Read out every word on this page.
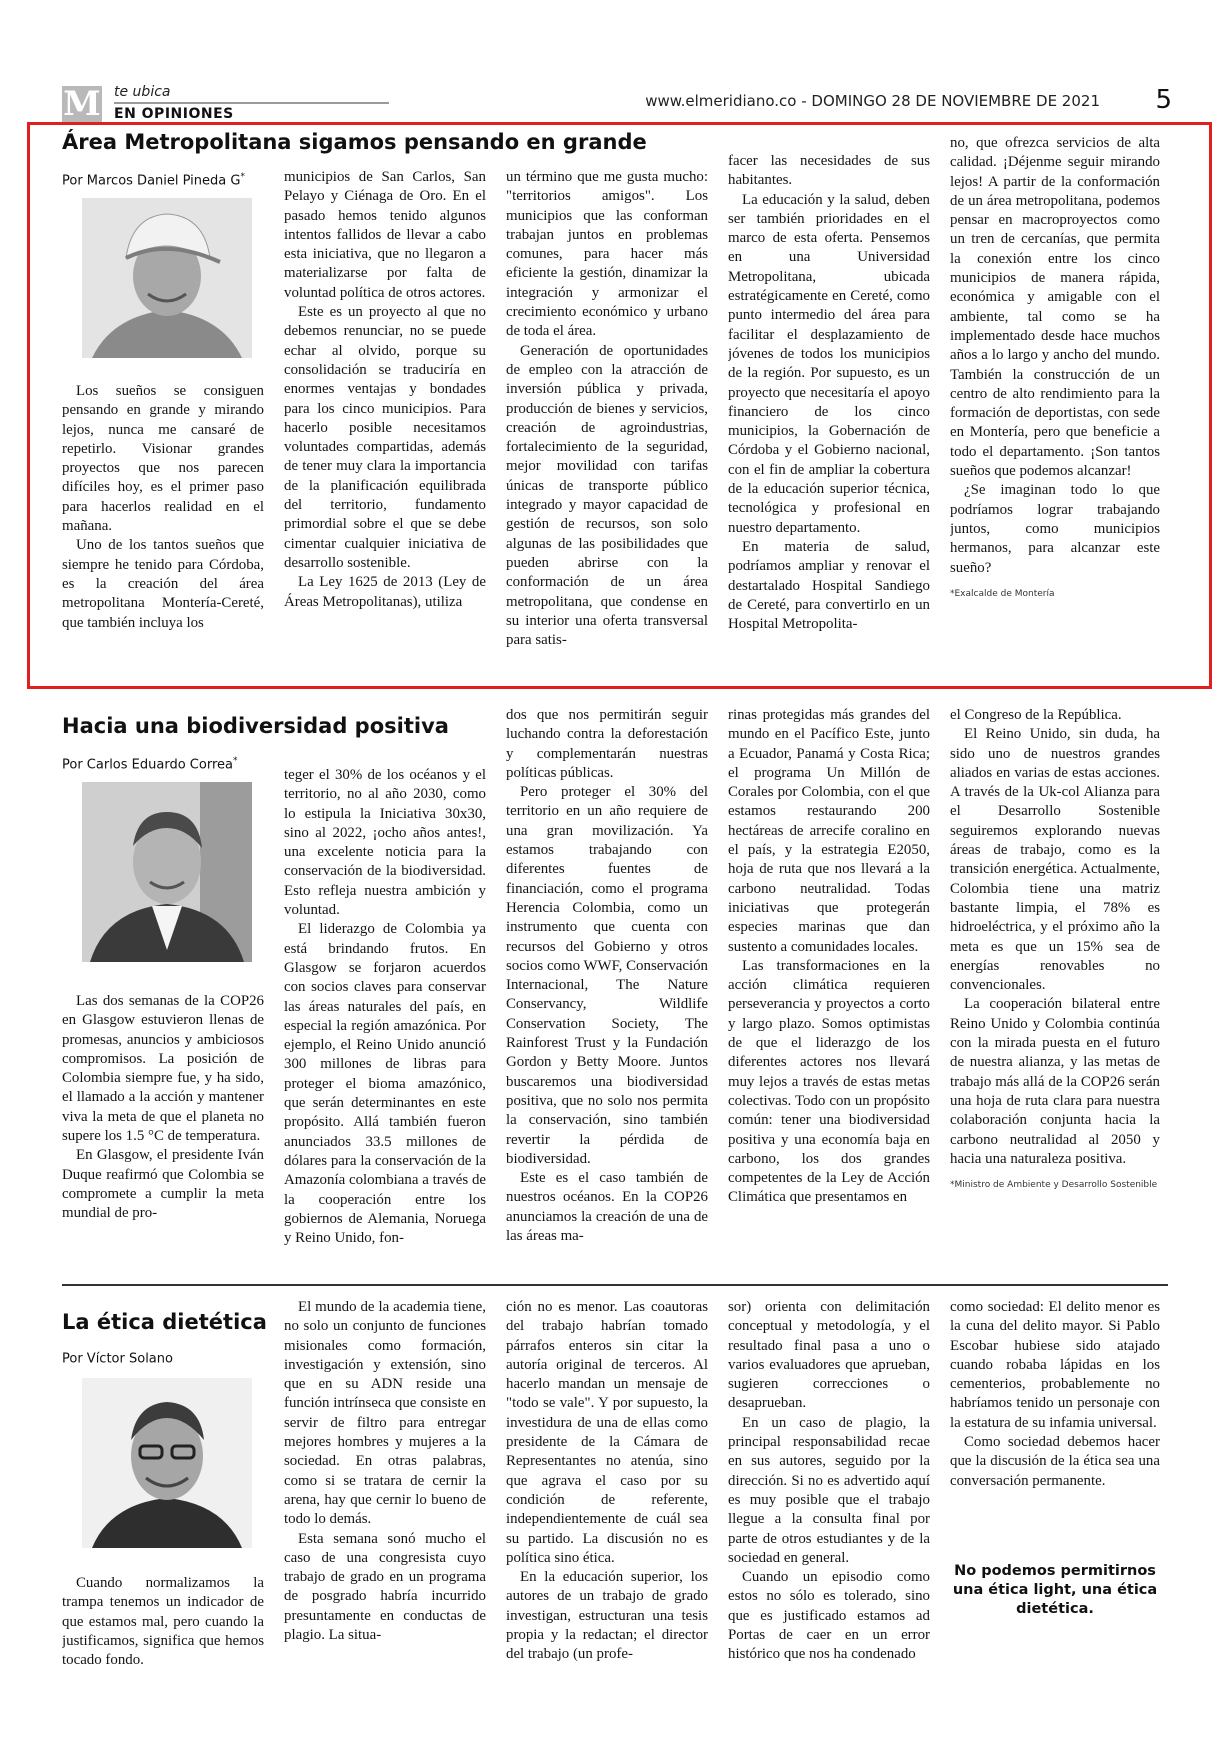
M te ubica
EN OPINIONES
www.elmeridiano.co - DOMINGO 28 DE NOVIEMBRE DE 2021 5
Área Metropolitana sigamos pensando en grande
Por Marcos Daniel Pineda G*

Los sueños se consiguen pensando en grande y mirando lejos, nunca me cansaré de repetirlo. Visionar grandes proyectos que nos parecen difíciles hoy, es el primer paso para hacerlos realidad en el mañana.

Uno de los tantos sueños que siempre he tenido para Córdoba, es la creación del área metropolitana Montería-Cereté, que también incluya los

municipios de San Carlos, San Pelayo y Ciénaga de Oro. En el pasado hemos tenido algunos intentos fallidos de llevar a cabo esta iniciativa, que no llegaron a materializarse por falta de voluntad política de otros actores.

Este es un proyecto al que no debemos renunciar, no se puede echar al olvido, porque su consolidación se traduciría en enormes ventajas y bondades para los cinco municipios. Para hacerlo posible necesitamos voluntades compartidas, además de tener muy clara la importancia de la planificación equilibrada del territorio, fundamento primordial sobre el que se debe cimentar cualquier iniciativa de desarrollo sostenible.

La Ley 1625 de 2013 (Ley de Áreas Metropolitanas), utiliza

un término que me gusta mucho: "territorios amigos". Los municipios que las conforman trabajan juntos en problemas comunes, para hacer más eficiente la gestión, dinamizar la integración y armonizar el crecimiento económico y urbano de toda el área.

Generación de oportunidades de empleo con la atracción de inversión pública y privada, producción de bienes y servicios, creación de agroindustrias, fortalecimiento de la seguridad, mejor movilidad con tarifas únicas de transporte público integrado y mayor capacidad de gestión de recursos, son solo algunas de las posibilidades que pueden abrirse con la conformación de un área metropolitana, que condense en su interior una oferta transversal para satis-

facer las necesidades de sus habitantes.

La educación y la salud, deben ser también prioridades en el marco de esta oferta. Pensemos en una Universidad Metropolitana, ubicada estratégicamente en Cereté, como punto intermedio del área para facilitar el desplazamiento de jóvenes de todos los municipios de la región. Por supuesto, es un proyecto que necesitaría el apoyo financiero de los cinco municipios, la Gobernación de Córdoba y el Gobierno nacional, con el fin de ampliar la cobertura de la educación superior técnica, tecnológica y profesional en nuestro departamento.

En materia de salud, podríamos ampliar y renovar el destartalado Hospital Sandiego de Cereté, para convertirlo en un Hospital Metropolita-

no, que ofrezca servicios de alta calidad. ¡Déjenme seguir mirando lejos! A partir de la conformación de un área metropolitana, podemos pensar en macroproyectos como un tren de cercanías, que permita la conexión entre los cinco municipios de manera rápida, económica y amigable con el ambiente, tal como se ha implementado desde hace muchos años a lo largo y ancho del mundo. También la construcción de un centro de alto rendimiento para la formación de deportistas, con sede en Montería, pero que beneficie a todo el departamento. ¡Son tantos sueños que podemos alcanzar!

¿Se imaginan todo lo que podríamos lograr trabajando juntos, como municipios hermanos, para alcanzar este sueño?

*Exalcalde de Montería
Hacia una biodiversidad positiva
Por Carlos Eduardo Correa*

Las dos semanas de la COP26 en Glasgow estuvieron llenas de promesas, anuncios y ambiciosos compromisos. La posición de Colombia siempre fue, y ha sido, el llamado a la acción y mantener viva la meta de que el planeta no supere los 1.5 °C de temperatura.

En Glasgow, el presidente Iván Duque reafirmó que Colombia se compromete a cumplir la meta mundial de pro-

teger el 30% de los océanos y el territorio, no al año 2030, como lo estipula la Iniciativa 30x30, sino al 2022, ¡ocho años antes!, una excelente noticia para la conservación de la biodiversidad. Esto refleja nuestra ambición y voluntad.

El liderazgo de Colombia ya está brindando frutos. En Glasgow se forjaron acuerdos con socios claves para conservar las áreas naturales del país, en especial la región amazónica. Por ejemplo, el Reino Unido anunció 300 millones de libras para proteger el bioma amazónico, que serán determinantes en este propósito. Allá también fueron anunciados 33.5 millones de dólares para la conservación de la Amazonía colombiana a través de la cooperación entre los gobiernos de Alemania, Noruega y Reino Unido, fon-

dos que nos permitirán seguir luchando contra la deforestación y complementarán nuestras políticas públicas.

Pero proteger el 30% del territorio en un año requiere de una gran movilización. Ya estamos trabajando con diferentes fuentes de financiación, como el programa Herencia Colombia, como un instrumento que cuenta con recursos del Gobierno y otros socios como WWF, Conservación Internacional, The Nature Conservancy, Wildlife Conservation Society, The Rainforest Trust y la Fundación Gordon y Betty Moore. Juntos buscaremos una biodiversidad positiva, que no solo nos permita la conservación, sino también revertir la pérdida de biodiversidad.

Este es el caso también de nuestros océanos. En la COP26 anunciamos la creación de una de las áreas ma-

rinas protegidas más grandes del mundo en el Pacífico Este, junto a Ecuador, Panamá y Costa Rica; el programa Un Millón de Corales por Colombia, con el que estamos restaurando 200 hectáreas de arrecife coralino en el país, y la estrategia E2050, hoja de ruta que nos llevará a la carbono neutralidad. Todas iniciativas que protegerán especies marinas que dan sustento a comunidades locales.

Las transformaciones en la acción climática requieren perseverancia y proyectos a corto y largo plazo. Somos optimistas de que el liderazgo de los diferentes actores nos llevará muy lejos a través de estas metas colectivas. Todo con un propósito común: tener una biodiversidad positiva y una economía baja en carbono, los dos grandes competentes de la Ley de Acción Climática que presentamos en

el Congreso de la República.

El Reino Unido, sin duda, ha sido uno de nuestros grandes aliados en varias de estas acciones. A través de la Uk-col Alianza para el Desarrollo Sostenible seguiremos explorando nuevas áreas de trabajo, como es la transición energética. Actualmente, Colombia tiene una matriz bastante limpia, el 78% es hidroeléctrica, y el próximo año la meta es que un 15% sea de energías renovables no convencionales.

La cooperación bilateral entre Reino Unido y Colombia continúa con la mirada puesta en el futuro de nuestra alianza, y las metas de trabajo más allá de la COP26 serán una hoja de ruta clara para nuestra colaboración conjunta hacia la carbono neutralidad al 2050 y hacia una naturaleza positiva.

*Ministro de Ambiente y Desarrollo Sostenible
La ética dietética
Por Víctor Solano

Cuando normalizamos la trampa tenemos un indicador de que estamos mal, pero cuando la justificamos, significa que hemos tocado fondo.

El mundo de la academia tiene, no solo un conjunto de funciones misionales como formación, investigación y extensión, sino que en su ADN reside una función intrínseca que consiste en servir de filtro para entregar mejores hombres y mujeres a la sociedad. En otras palabras, como si se tratara de cernir la arena, hay que cernir lo bueno de todo lo demás.

Esta semana sonó mucho el caso de una congresista cuyo trabajo de grado en un programa de posgrado habría incurrido presuntamente en conductas de plagio. La situa-

ción no es menor. Las coautoras del trabajo habrían tomado párrafos enteros sin citar la autoría original de terceros. Al hacerlo mandan un mensaje de "todo se vale". Y por supuesto, la investidura de una de ellas como presidente de la Cámara de Representantes no atenúa, sino que agrava el caso por su condición de referente, independientemente de cuál sea su partido. La discusión no es política sino ética.

En la educación superior, los autores de un trabajo de grado investigan, estructuran una tesis propia y la redactan; el director del trabajo (un profe-

sor) orienta con delimitación conceptual y metodología, y el resultado final pasa a uno o varios evaluadores que aprueban, sugieren correcciones o desaprueban.

En un caso de plagio, la principal responsabilidad recae en sus autores, seguido por la dirección. Si no es advertido aquí es muy posible que el trabajo llegue a la consulta final por parte de otros estudiantes y de la sociedad en general.

Cuando un episodio como estos no sólo es tolerado, sino que es justificado estamos ad Portas de caer en un error histórico que nos ha condenado

como sociedad: El delito menor es la cuna del delito mayor. Si Pablo Escobar hubiese sido atajado cuando robaba lápidas en los cementerios, probablemente no habríamos tenido un personaje con la estatura de su infamia universal.

Como sociedad debemos hacer que la discusión de la ética sea una conversación permanente.

No podemos permitirnos una ética light, una ética dietética.
